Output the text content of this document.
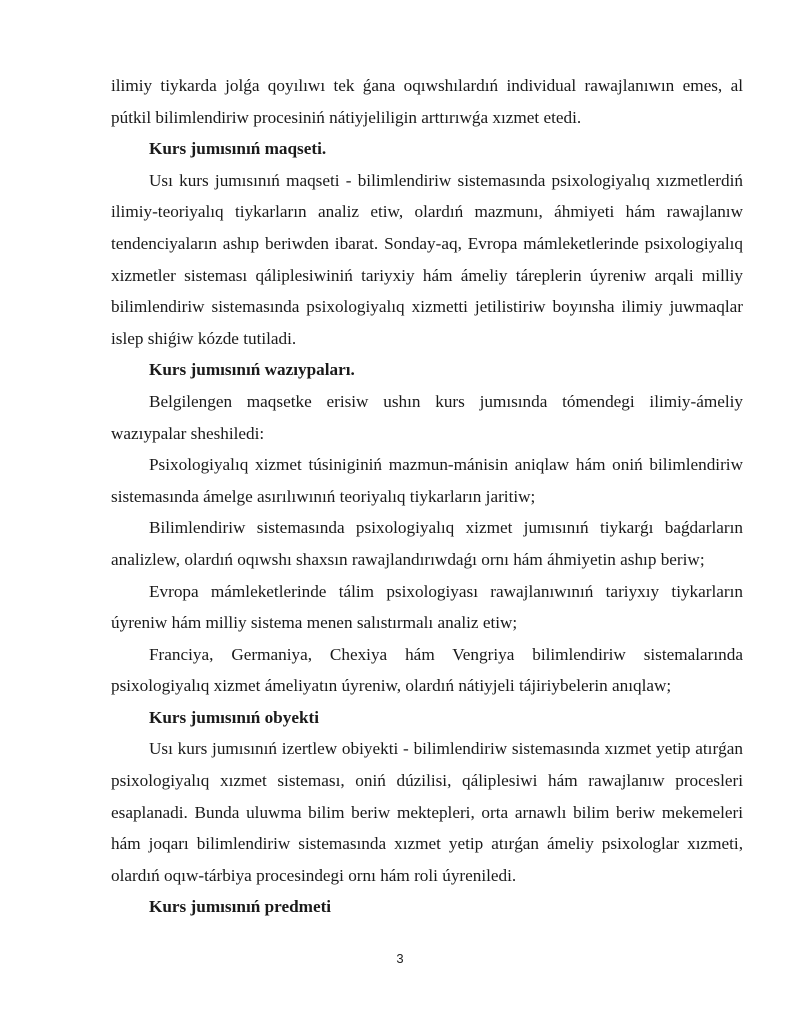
ilimiy tiykarda jolǵa qoyılıwı tek ǵana oqıwshılardıń individual rawajlanıwın emes, al pútkil bilimlendiriw procesiniń nátiyjeliligin arttırıwǵa xızmet etedi.

Kurs jumısınıń maqseti.

Usı kurs jumısınıń maqseti - bilimlendiriw sistemasında psixologiyalıq xızmetlerdiń ilimiy-teoriyalıq tiykarların analiz etiw, olardıń mazmunı, áhmiyeti hám rawajlanıw tendenciyaların ashıp beriwden ibarat. Sonday-aq, Evropa mámleketlerinde psixologiyalıq xizmetler sisteması qáliplesiwiniń tariyxiy hám ámeliy táreplerin úyreniw arqali milliy bilimlendiriw sistemasında psixologiyalıq xizmetti jetilistiriw boyınsha ilimiy juwmaqlar islep shiǵiw kózde tutiladi.

Kurs jumısınıń wazıypaları.

Belgilengen maqsetke erisiw ushın kurs jumısında tómendegi ilimiy-ámeliy wazıypalar sheshiledi:

Psixologiyalıq xizmet túsiniginiń mazmun-mánisin aniqlaw hám oniń bilimlendiriw sistemasında ámelge asırılıwınıń teoriyalıq tiykarların jaritiw;

Bilimlendiriw sistemasında psixologiyalıq xizmet jumısınıń tiykarǵı baǵdarların analizlew, olardıń oqıwshı shaxsın rawajlandırıwdaǵı ornı hám áhmiyetin ashıp beriw;

Evropa mámleketlerinde tálim psixologiyası rawajlanıwınıń tariyxıy tiykarların úyreniw hám milliy sistema menen salıstırmalı analiz etiw;

Franciya, Germaniya, Chexiya hám Vengriya bilimlendiriw sistemalarında psixologiyalıq xizmet ámeliyatın úyreniw, olardıń nátiyjeli tájiriybelerin anıqlaw;

Kurs jumısınıń obyekti

Usı kurs jumısınıń izertlew obiyekti - bilimlendiriw sistemasında xızmet yetip atırǵan psixologiyalıq xızmet sisteması, oniń dúzilisi, qáliplesiwi hám rawajlanıw procesleri esaplanadi. Bunda uluwma bilim beriw mektepleri, orta arnawlı bilim beriw mekemeleri hám joqarı bilimlendiriw sistemasında xızmet yetip atırǵan ámeliy psixologlar xızmeti, olardıń oqıw-tárbiya procesindegi ornı hám roli úyreniledi.

Kurs jumısınıń predmeti

3
